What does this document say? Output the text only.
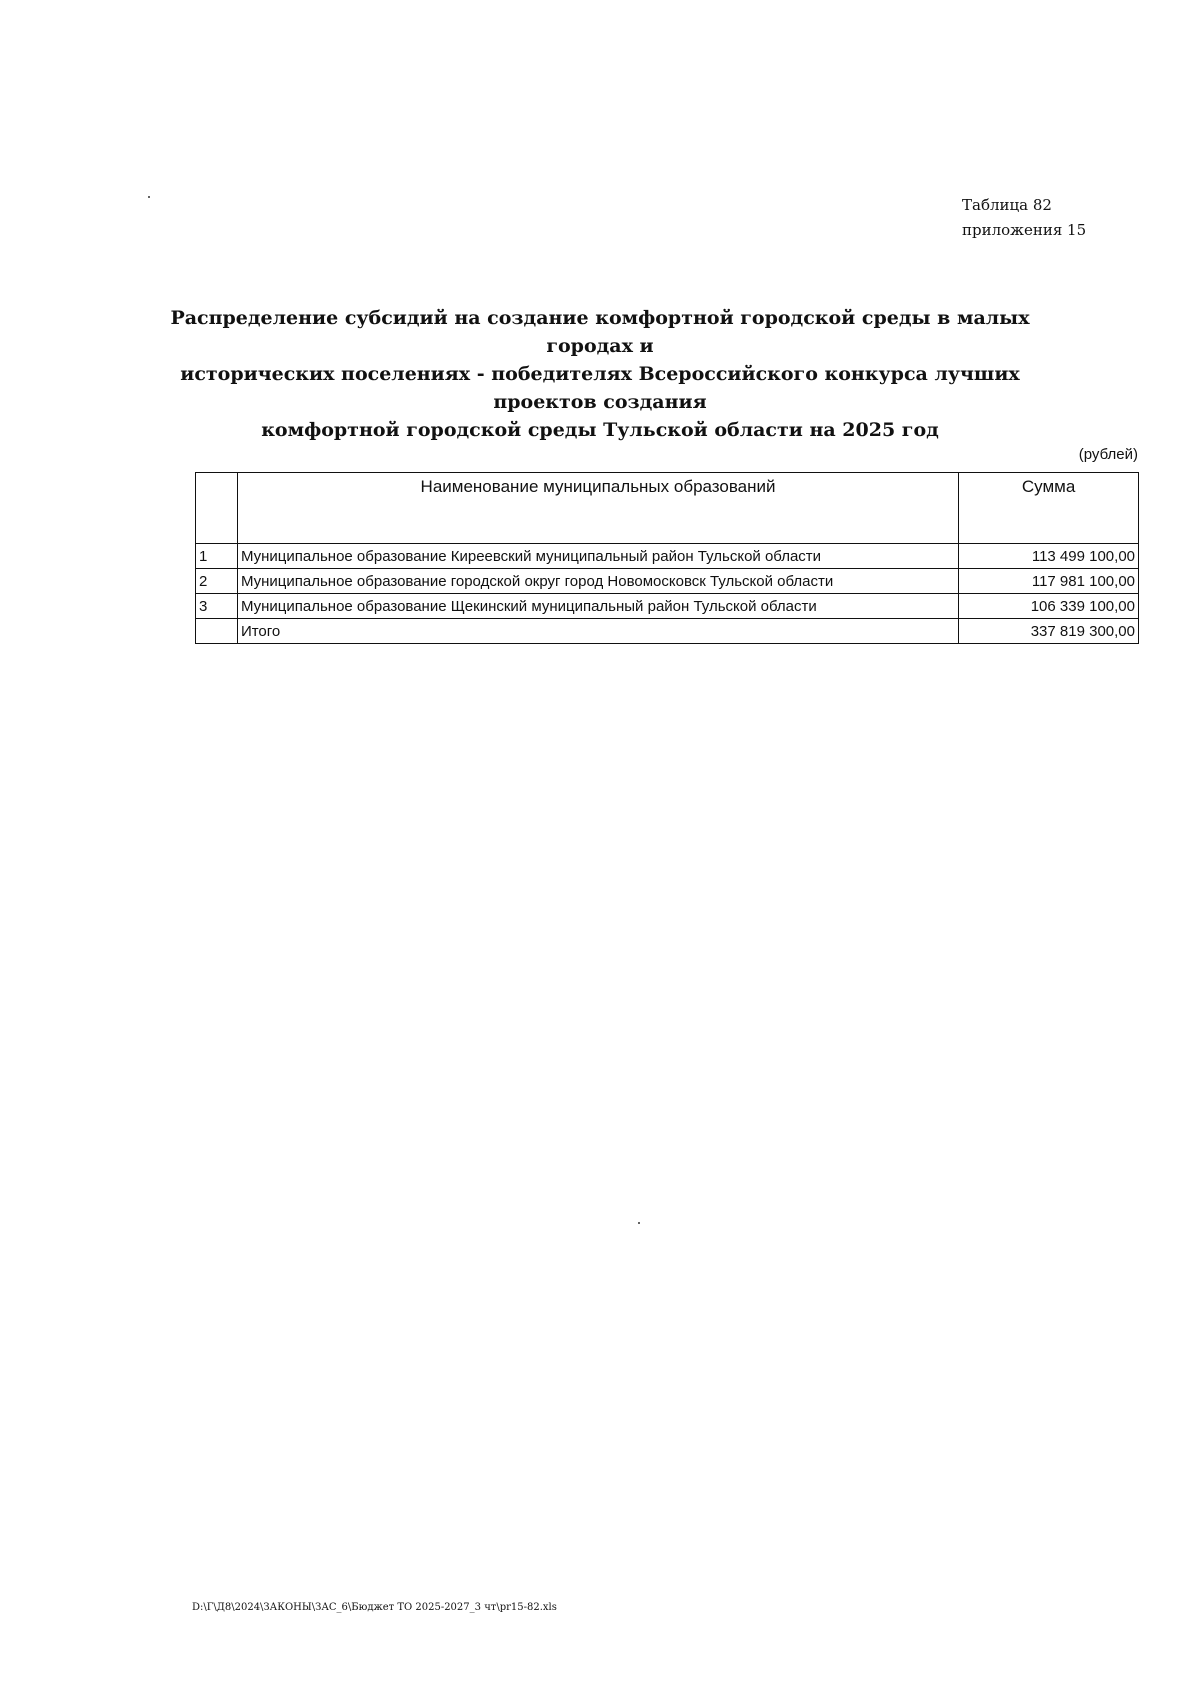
Таблица 82
приложения 15
Распределение субсидий на создание комфортной городской среды в малых городах и
исторических поселениях - победителях Всероссийского конкурса лучших проектов создания
комфортной городской среды Тульской области на 2025 год
(рублей)
	Наименование муниципальных образований	Сумма
1	Муниципальное образование Киреевский муниципальный район Тульской области	113 499 100,00
2	Муниципальное образование городской округ город Новомосковск Тульской области	117 981 100,00
3	Муниципальное образование Щекинский муниципальный район Тульской области	106 339 100,00
	Итого	337 819 300,00
D:\Г\Д8\2024\ЗАКОНЫ\ЗАС_6\Бюджет ТО 2025-2027_3 чт\pr15-82.xls
